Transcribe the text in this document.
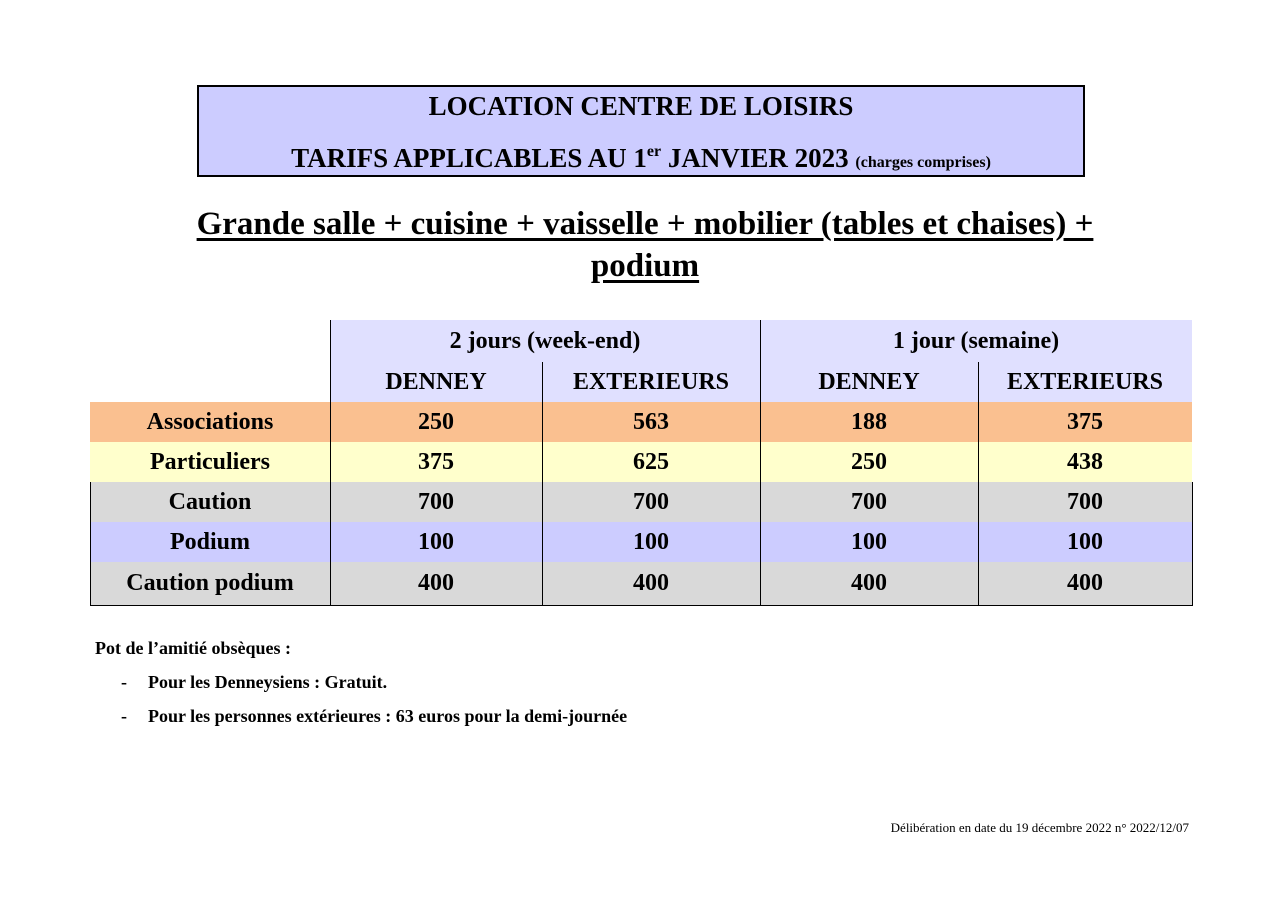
LOCATION CENTRE DE LOISIRS
TARIFS APPLICABLES AU 1er JANVIER 2023 (charges comprises)
Grande salle + cuisine + vaisselle + mobilier (tables et chaises) +
podium
2 jours (week-end)	1 jour (semaine)
DENNEY	EXTERIEURS	DENNEY	EXTERIEURS
Associations	250	563	188	375
Particuliers	375	625	250	438
Caution	700	700	700	700
Podium	100	100	100	100
Caution podium	400	400	400	400
Pot de l’amitié obsèques :
- Pour les Denneysiens : Gratuit.
- Pour les personnes extérieures : 63 euros pour la demi-journée
Délibération en date du 19 décembre 2022 n° 2022/12/07
